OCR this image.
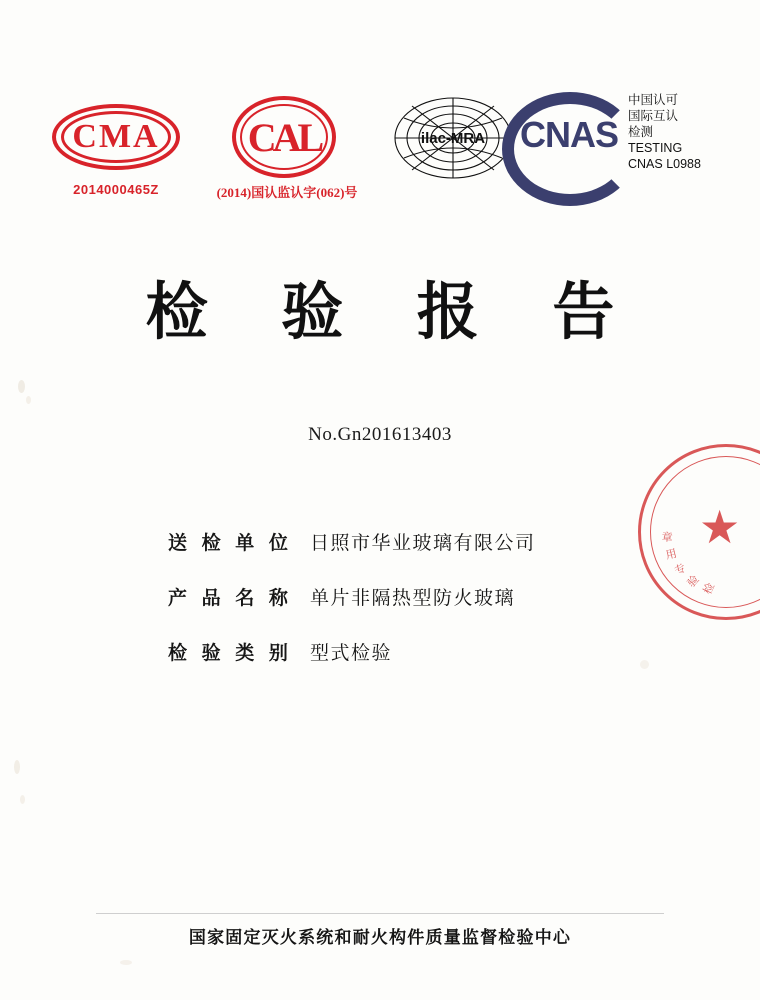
CMA
2014000465Z
CAL
(2014)国认监认字(062)号
ilac-MRA CNAS
中国认可
国际互认
检测
TESTING
CNAS L0988
检 验 报 告
No.Gn201613403
送 检 单 位 日照市华业玻璃有限公司
产 品 名 称 单片非隔热型防火玻璃
检 验 类 别 型式检验
检
验
专
用
章 ★
国家固定灭火系统和耐火构件质量监督检验中心
